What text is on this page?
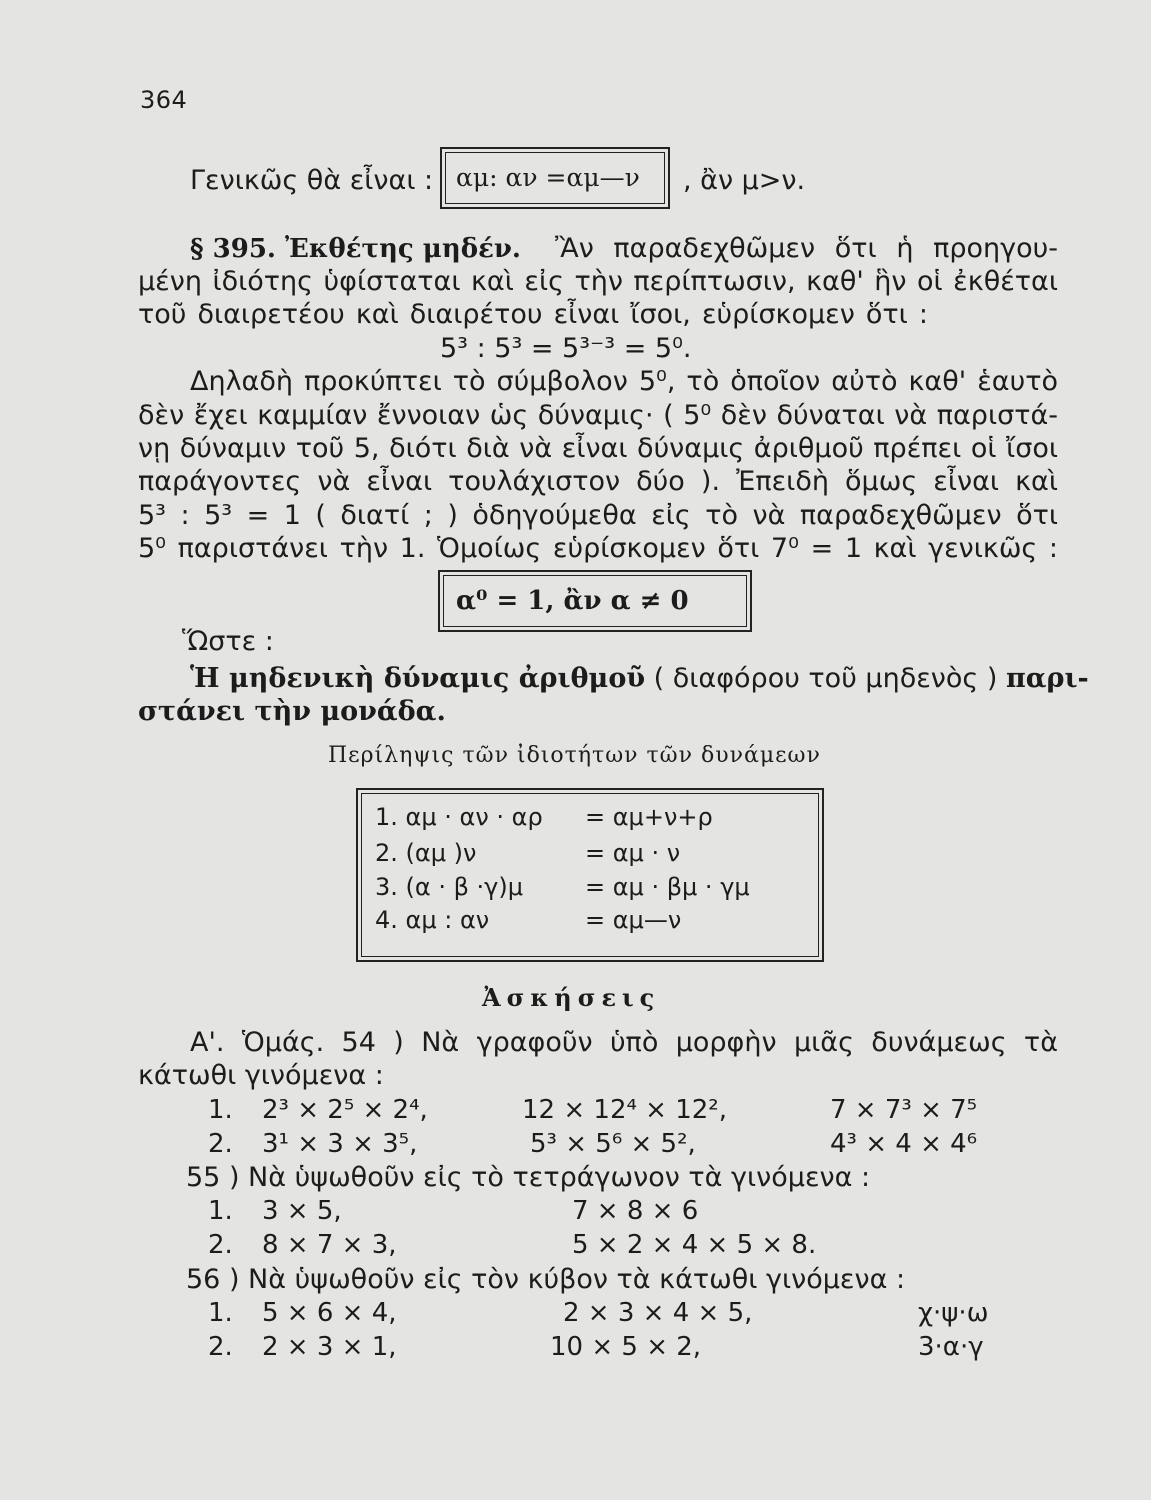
364
Γενικῶς θὰ εἶναι : αμ: αν =αμ—ν , ἂν μ>ν.
§ 395. Ἐκθέτης μηδέν. Ἂν παραδεχθῶμεν ὅτι ἡ προηγου-
μένη ἰδιότης ὑφίσταται καὶ εἰς τὴν περίπτωσιν, καθ' ἣν οἱ ἐκθέται
τοῦ διαιρετέου καὶ διαιρέτου εἶναι ἴσοι, εὑρίσκομεν ὅτι :
5³ : 5³ = 5³⁻³ = 5⁰.
Δηλαδὴ προκύπτει τὸ σύμβολον 5⁰, τὸ ὁποῖον αὐτὸ καθ' ἑαυτὸ
δὲν ἔχει καμμίαν ἔννοιαν ὡς δύναμις· ( 5⁰ δὲν δύναται νὰ παριστά-
νῃ δύναμιν τοῦ 5, διότι διὰ νὰ εἶναι δύναμις ἀριθμοῦ πρέπει οἱ ἴσοι
παράγοντες νὰ εἶναι τουλάχιστον δύο ). Ἐπειδὴ ὅμως εἶναι καὶ
5³ : 5³ = 1 ( διατί ; ) ὁδηγούμεθα εἰς τὸ νὰ παραδεχθῶμεν ὅτι
5⁰ παριστάνει τὴν 1. Ὁμοίως εὑρίσκομεν ὅτι 7⁰ = 1 καὶ γενικῶς :
α⁰ = 1, ἂν α ≠ 0
Ὥστε :
Ἡ μηδενικὴ δύναμις ἀριθμοῦ ( διαφόρου τοῦ μηδενὸς ) παρι-
στάνει τὴν μονάδα.
Περίληψις τῶν ἰδιοτήτων τῶν δυνάμεων
1. αμ · αν · αρ = αμ+ν+ρ
2. (αμ )ν	= αμ · ν
3. (α · β ·γ)μ	= αμ · βμ · γμ
4. αμ : αν	= αμ—ν
Ἀσκήσεις
Α'. Ὁμάς. 54 ) Νὰ γραφοῦν ὑπὸ μορφὴν μιᾶς δυνάμεως τὰ
κάτωθι γινόμενα :
1. 2³ × 2⁵ × 2⁴,	12 × 12⁴ × 12²,	7 × 7³ × 7⁵
2. 3¹ × 3 × 3⁵,	5³ × 5⁶ × 5²,	4³ × 4 × 4⁶
55 ) Νὰ ὑψωθοῦν εἰς τὸ τετράγωνον τὰ γινόμενα :
1. 3 × 5,	7 × 8 × 6
2. 8 × 7 × 3,	5 × 2 × 4 × 5 × 8.
56 ) Νὰ ὑψωθοῦν εἰς τὸν κύβον τὰ κάτωθι γινόμενα :
1. 5 × 6 × 4,	2 × 3 × 4 × 5,	χ·ψ·ω
2. 2 × 3 × 1,	10 × 5 × 2,	3·α·γ
